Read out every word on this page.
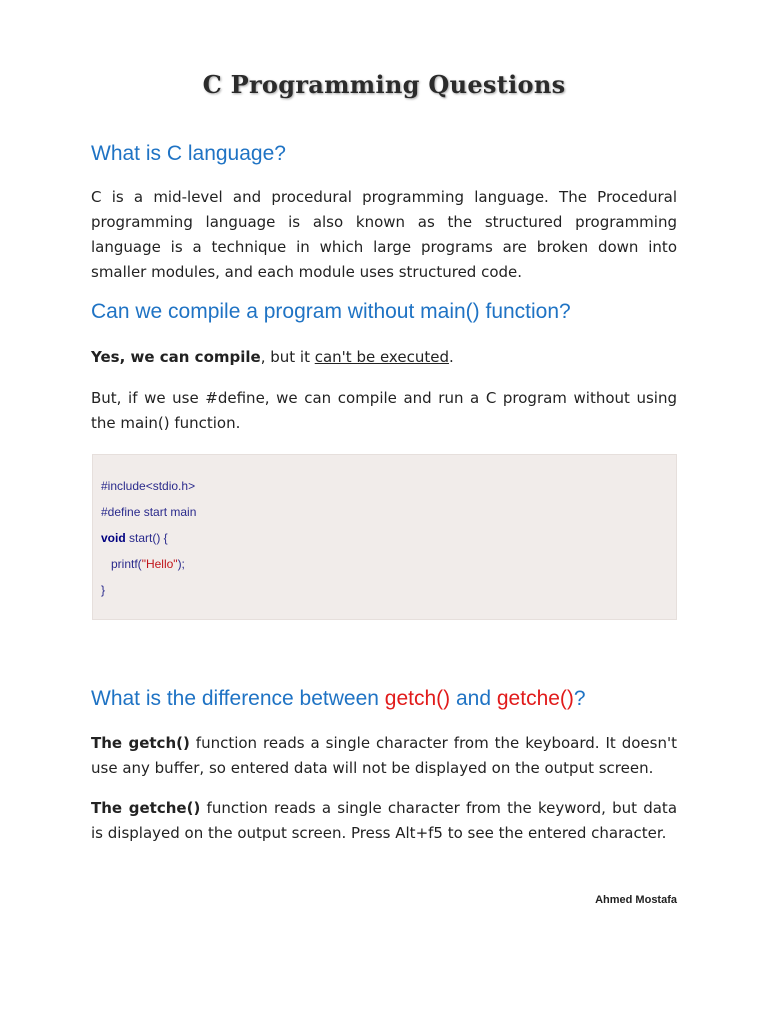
C Programming Questions
What is C language?
C is a mid-level and procedural programming language. The Procedural programming language is also known as the structured programming language is a technique in which large programs are broken down into smaller modules, and each module uses structured code.
Can we compile a program without main() function?
Yes, we can compile, but it can't be executed.
But, if we use #define, we can compile and run a C program without using the main() function.
#include<stdio.h>
#define start main
void start() {
printf("Hello");
}
What is the difference between getch() and getche()?
The getch() function reads a single character from the keyboard. It doesn't use any buffer, so entered data will not be displayed on the output screen.
The getche() function reads a single character from the keyword, but data is displayed on the output screen. Press Alt+f5 to see the entered character.
Ahmed Mostafa
